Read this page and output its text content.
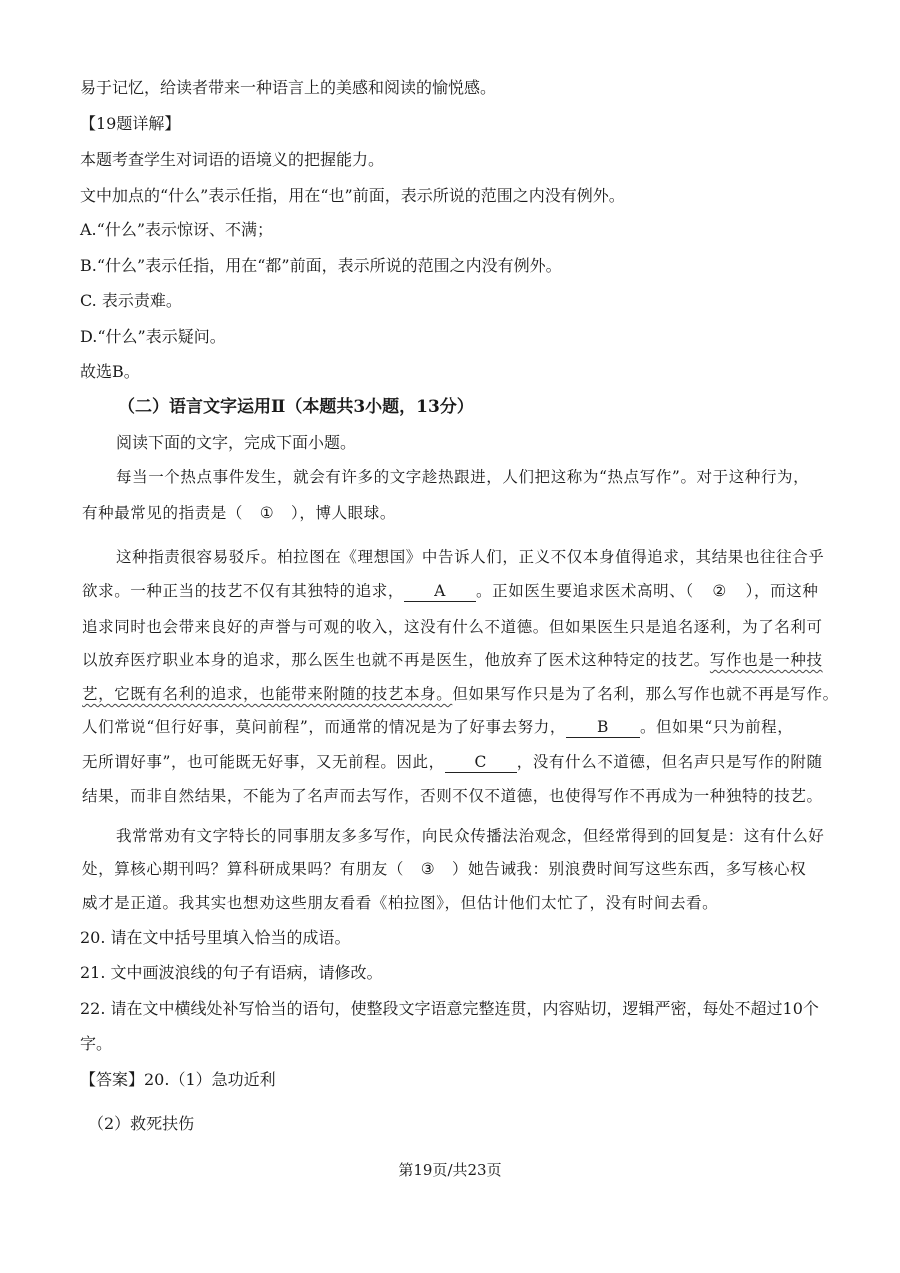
易于记忆，给读者带来一种语言上的美感和阅读的愉悦感。
【19题详解】
本题考查学生对词语的语境义的把握能力。
文中加点的“什么”表示任指，用在“也”前面，表示所说的范围之内没有例外。
A.“什么”表示惊讶、不满；
B.“什么”表示任指，用在“都”前面，表示所说的范围之内没有例外。
C. 表示责难。
D.“什么”表示疑问。
故选B。
（二）语言文字运用Ⅱ（本题共3小题，13分）
阅读下面的文字，完成下面小题。
每当一个热点事件发生，就会有许多的文字趁热跟进，人们把这称为“热点写作”。对于这种行为，
有种最常见的指责是（ ① ），博人眼球。
这种指责很容易驳斥。柏拉图在《理想国》中告诉人们，正义不仅本身值得追求，其结果也往往合乎
欲求。一种正当的技艺不仅有其独特的追求， A 。正如医生要追求医术高明、（ ② ），而这种
追求同时也会带来良好的声誉与可观的收入，这没有什么不道德。但如果医生只是追名逐利，为了名利可
以放弃医疗职业本身的追求，那么医生也就不再是医生，他放弃了医术这种特定的技艺。写作也是一种技
艺，它既有名利的追求，也能带来附随的技艺本身。但如果写作只是为了名利，那么写作也就不再是写作。
人们常说“但行好事，莫问前程”，而通常的情况是为了好事去努力， B 。但如果“只为前程，
无所谓好事”，也可能既无好事，又无前程。因此， C ，没有什么不道德，但名声只是写作的附随
结果，而非自然结果，不能为了名声而去写作，否则不仅不道德，也使得写作不再成为一种独特的技艺。
我常常劝有文字特长的同事朋友多多写作，向民众传播法治观念，但经常得到的回复是：这有什么好
处，算核心期刊吗？算科研成果吗？有朋友（ ③ ）她告诫我：别浪费时间写这些东西，多写核心权
威才是正道。我其实也想劝这些朋友看看《柏拉图》，但估计他们太忙了，没有时间去看。
20. 请在文中括号里填入恰当的成语。
21. 文中画波浪线的句子有语病，请修改。
22. 请在文中横线处补写恰当的语句，使整段文字语意完整连贯，内容贴切，逻辑严密，每处不超过10个
字。
【答案】20.（1）急功近利
（2）救死扶伤
第19页/共23页
